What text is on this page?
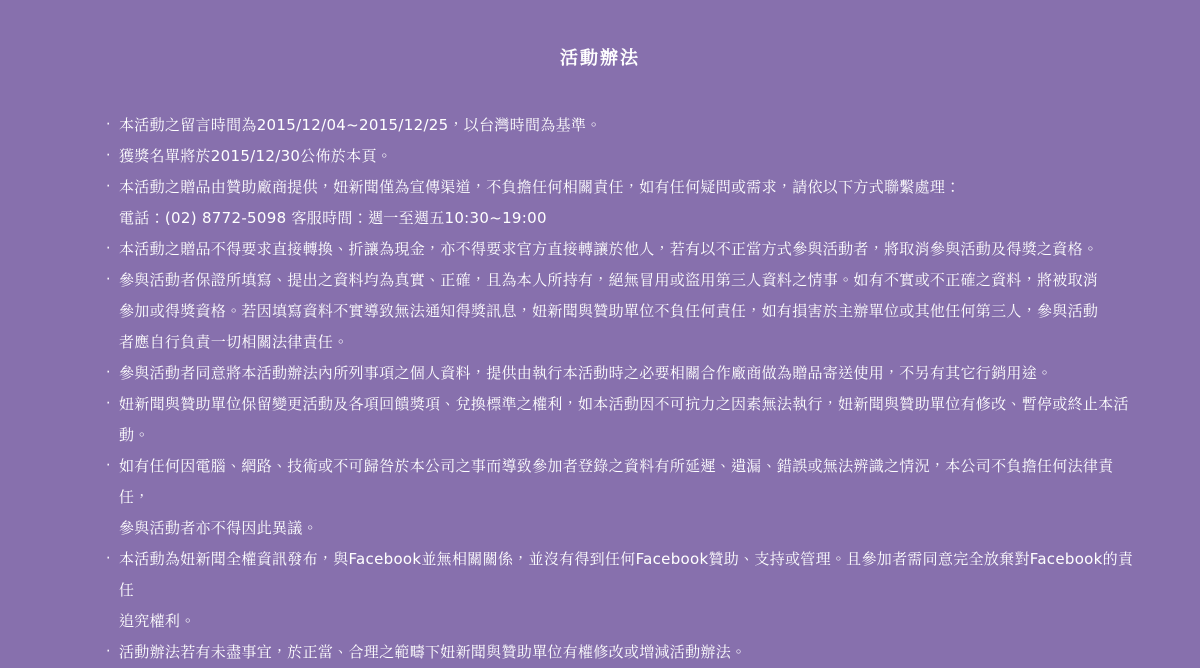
活動辦法
‧ 本活動之留言時間為2015/12/04~2015/12/25，以台灣時間為基準。
‧ 獲獎名單將於2015/12/30公佈於本頁。
‧ 本活動之贈品由贊助廠商提供，妞新聞僅為宣傳渠道，不負擔任何相關責任，如有任何疑問或需求，請依以下方式聯繫處理：
電話：(02) 8772-5098 客服時間：週一至週五10:30~19:00
‧ 本活動之贈品不得要求直接轉換、折讓為現金，亦不得要求官方直接轉讓於他人，若有以不正當方式參與活動者，將取消參與活動及得獎之資格。
‧ 參與活動者保證所填寫、提出之資料均為真實、正確，且為本人所持有，絕無冒用或盜用第三人資料之情事。如有不實或不正確之資料，將被取消
參加或得獎資格。若因填寫資料不實導致無法通知得獎訊息，妞新聞與贊助單位不負任何責任，如有損害於主辦單位或其他任何第三人，參與活動
者應自行負責一切相關法律責任。
‧ 參與活動者同意將本活動辦法內所列事項之個人資料，提供由執行本活動時之必要相關合作廠商做為贈品寄送使用，不另有其它行銷用途。
‧ 妞新聞與贊助單位保留變更活動及各項回饋獎項、兌換標準之權利，如本活動因不可抗力之因素無法執行，妞新聞與贊助單位有修改、暫停或終止本活動。
‧ 如有任何因電腦、網路、技術或不可歸咎於本公司之事而導致參加者登錄之資料有所延遲、遺漏、錯誤或無法辨識之情況，本公司不負擔任何法律責任，
參與活動者亦不得因此異議。
‧ 本活動為妞新聞全權資訊發布，與Facebook並無相關關係，並沒有得到任何Facebook贊助、支持或管理。且參加者需同意完全放棄對Facebook的責任
追究權利。
‧ 活動辦法若有未盡事宜，於正當、合理之範疇下妞新聞與贊助單位有權修改或增減活動辦法。
